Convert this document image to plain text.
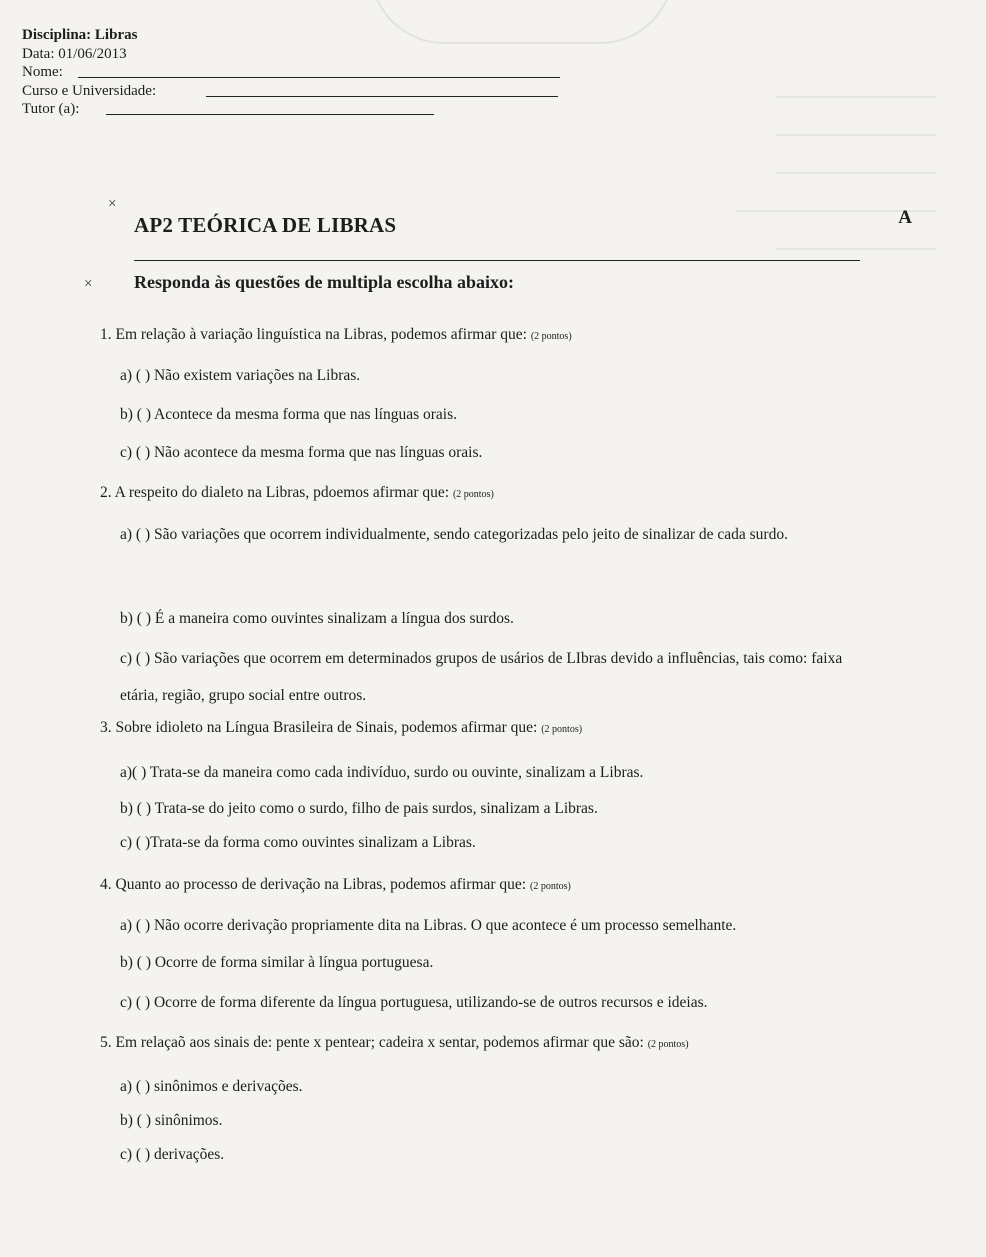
Disciplina: Libras
Data: 01/06/2013
Nome:
Curso e Universidade:
Tutor (a):
×
A
AP2 TEÓRICA DE LIBRAS
× Responda às questões de multipla escolha abaixo:
1. Em relação à variação linguística na Libras, podemos afirmar que: (2 pontos)
a) ( ) Não existem variações na Libras.
b) ( ) Acontece da mesma forma que nas línguas orais.
c) ( ) Não acontece da mesma forma que nas línguas orais.
2. A respeito do dialeto na Libras, pdoemos afirmar que: (2 pontos)
a) ( ) São variações que ocorrem individualmente, sendo categorizadas pelo jeito de sinalizar de cada surdo.
b) ( ) É a maneira como ouvintes sinalizam a língua dos surdos.
c) ( ) São variações que ocorrem em determinados grupos de usários de LIbras devido a influências, tais como: faixa etária, região, grupo social entre outros.
3. Sobre idioleto na Língua Brasileira de Sinais, podemos afirmar que: (2 pontos)
a)( ) Trata-se da maneira como cada indivíduo, surdo ou ouvinte, sinalizam a Libras.
b) ( ) Trata-se do jeito como o surdo, filho de pais surdos, sinalizam a Libras.
c) ( )Trata-se da forma como ouvintes sinalizam a Libras.
4. Quanto ao processo de derivação na Libras, podemos afirmar que: (2 pontos)
a) ( ) Não ocorre derivação propriamente dita na Libras. O que acontece é um processo semelhante.
b) ( ) Ocorre de forma similar à língua portuguesa.
c) ( ) Ocorre de forma diferente da língua portuguesa, utilizando-se de outros recursos e ideias.
5. Em relaçaõ aos sinais de: pente x pentear; cadeira x sentar, podemos afirmar que são: (2 pontos)
a) ( ) sinônimos e derivações.
b) ( ) sinônimos.
c) ( ) derivações.
